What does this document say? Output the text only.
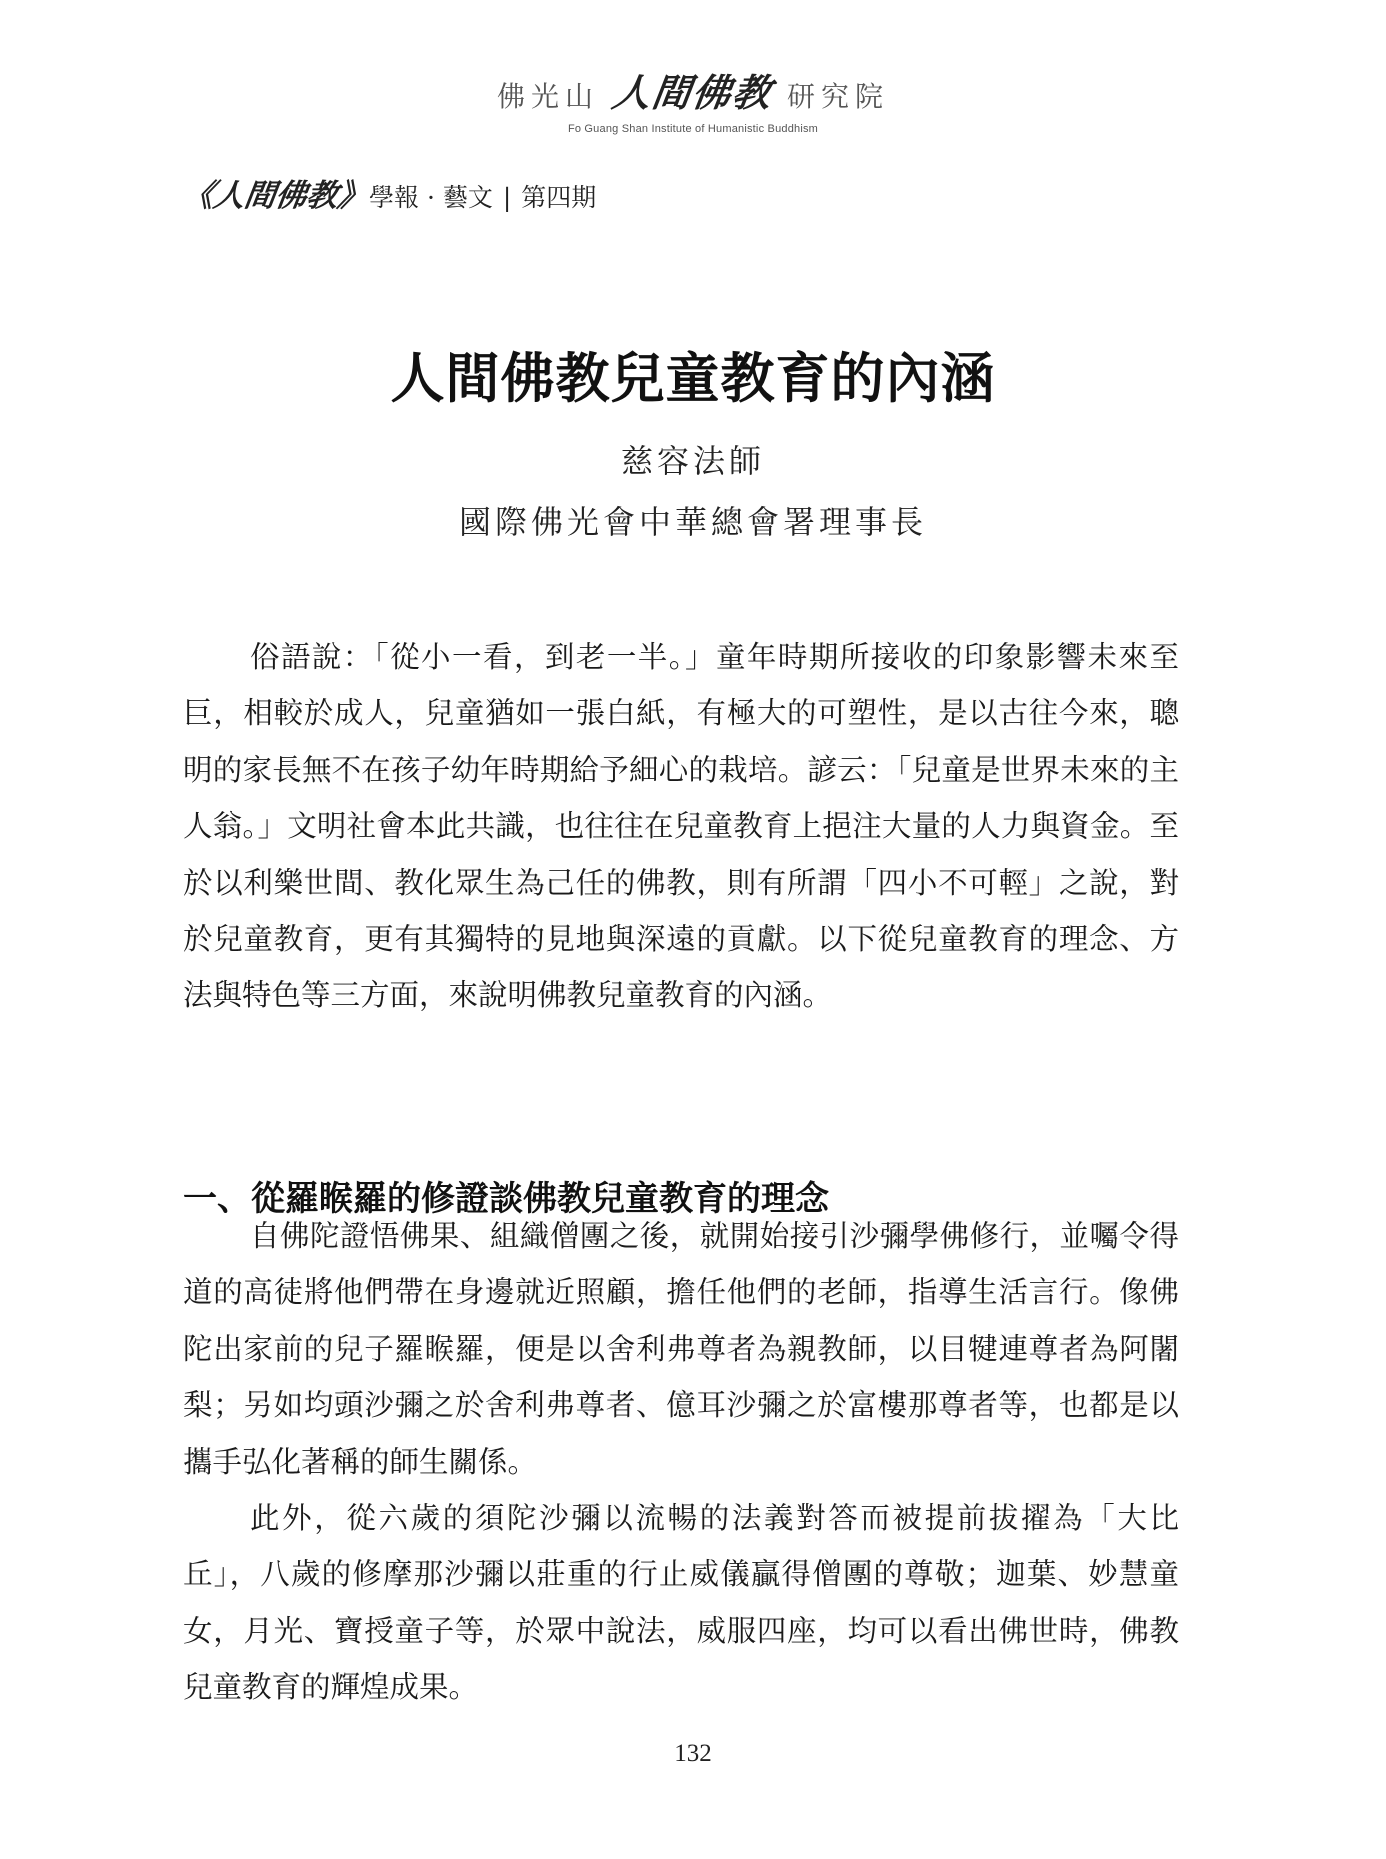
佛光山 人間佛教 研究院
Fo Guang Shan Institute of Humanistic Buddhism
《人間佛教》
學報 · 藝文 | 第四期
人間佛教兒童教育的內涵
慈容法師
國際佛光會中華總會署理事長

俗語說：「從小一看，到老一半。」童年時期所接收的印象影響未來至巨，相較於成人，兒童猶如一張白紙，有極大的可塑性，是以古往今來，聰明的家長無不在孩子幼年時期給予細心的栽培。諺云：「兒童是世界未來的主人翁。」文明社會本此共識，也往往在兒童教育上挹注大量的人力與資金。至於以利樂世間、教化眾生為己任的佛教，則有所謂「四小不可輕」之說，對於兒童教育，更有其獨特的見地與深遠的貢獻。以下從兒童教育的理念、方法與特色等三方面，來說明佛教兒童教育的內涵。

一、從羅睺羅的修證談佛教兒童教育的理念

自佛陀證悟佛果、組織僧團之後，就開始接引沙彌學佛修行，並囑令得道的高徒將他們帶在身邊就近照顧，擔任他們的老師，指導生活言行。像佛陀出家前的兒子羅睺羅，便是以舍利弗尊者為親教師，以目犍連尊者為阿闍梨；另如均頭沙彌之於舍利弗尊者、億耳沙彌之於富樓那尊者等，也都是以攜手弘化著稱的師生關係。

此外，從六歲的須陀沙彌以流暢的法義對答而被提前拔擢為「大比丘」，八歲的修摩那沙彌以莊重的行止威儀贏得僧團的尊敬；迦葉、妙慧童女，月光、寶授童子等，於眾中說法，威服四座，均可以看出佛世時，佛教兒童教育的輝煌成果。

132
